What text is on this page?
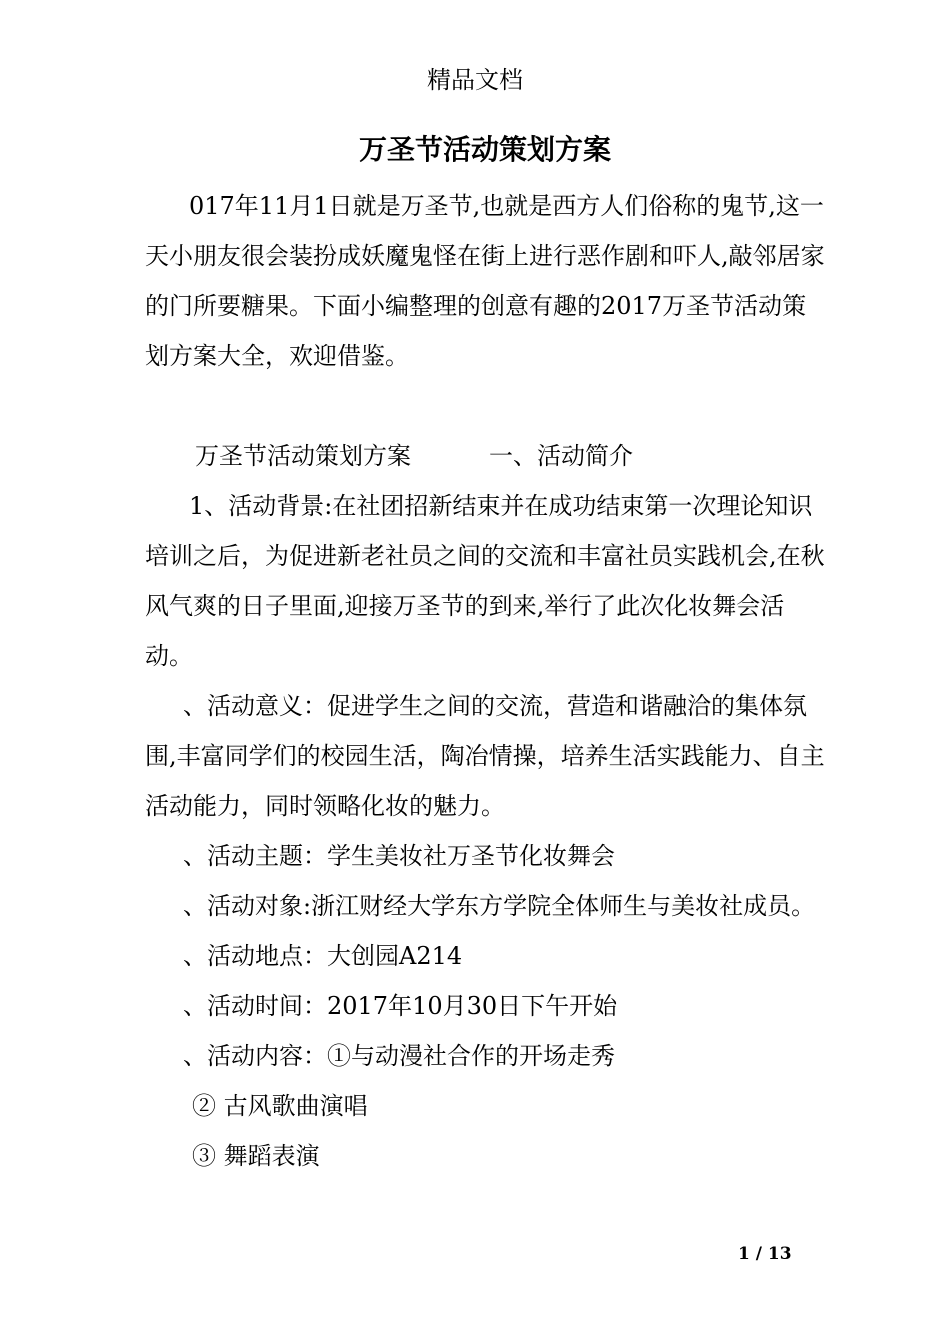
精品文档
万圣节活动策划方案

017年11月1日就是万圣节,也就是西方人们俗称的鬼节,这一天小朋友很会装扮成妖魔鬼怪在街上进行恶作剧和吓人,敲邻居家的门所要糖果。下面小编整理的创意有趣的2017万圣节活动策划方案大全，欢迎借鉴。

万圣节活动策划方案	一、活动简介

1、活动背景:在社团招新结束并在成功结束第一次理论知识培训之后，为促进新老社员之间的交流和丰富社员实践机会,在秋风气爽的日子里面,迎接万圣节的到来,举行了此次化妆舞会活动。

、活动意义：促进学生之间的交流，营造和谐融洽的集体氛围,丰富同学们的校园生活，陶冶情操，培养生活实践能力、自主活动能力，同时领略化妆的魅力。

、活动主题：学生美妆社万圣节化妆舞会

、活动对象:浙江财经大学东方学院全体师生与美妆社成员。

、活动地点：大创园A214

、活动时间：2017年10月30日下午开始

、活动内容：①与动漫社合作的开场走秀

② 古风歌曲演唱

③ 舞蹈表演

1 / 13
